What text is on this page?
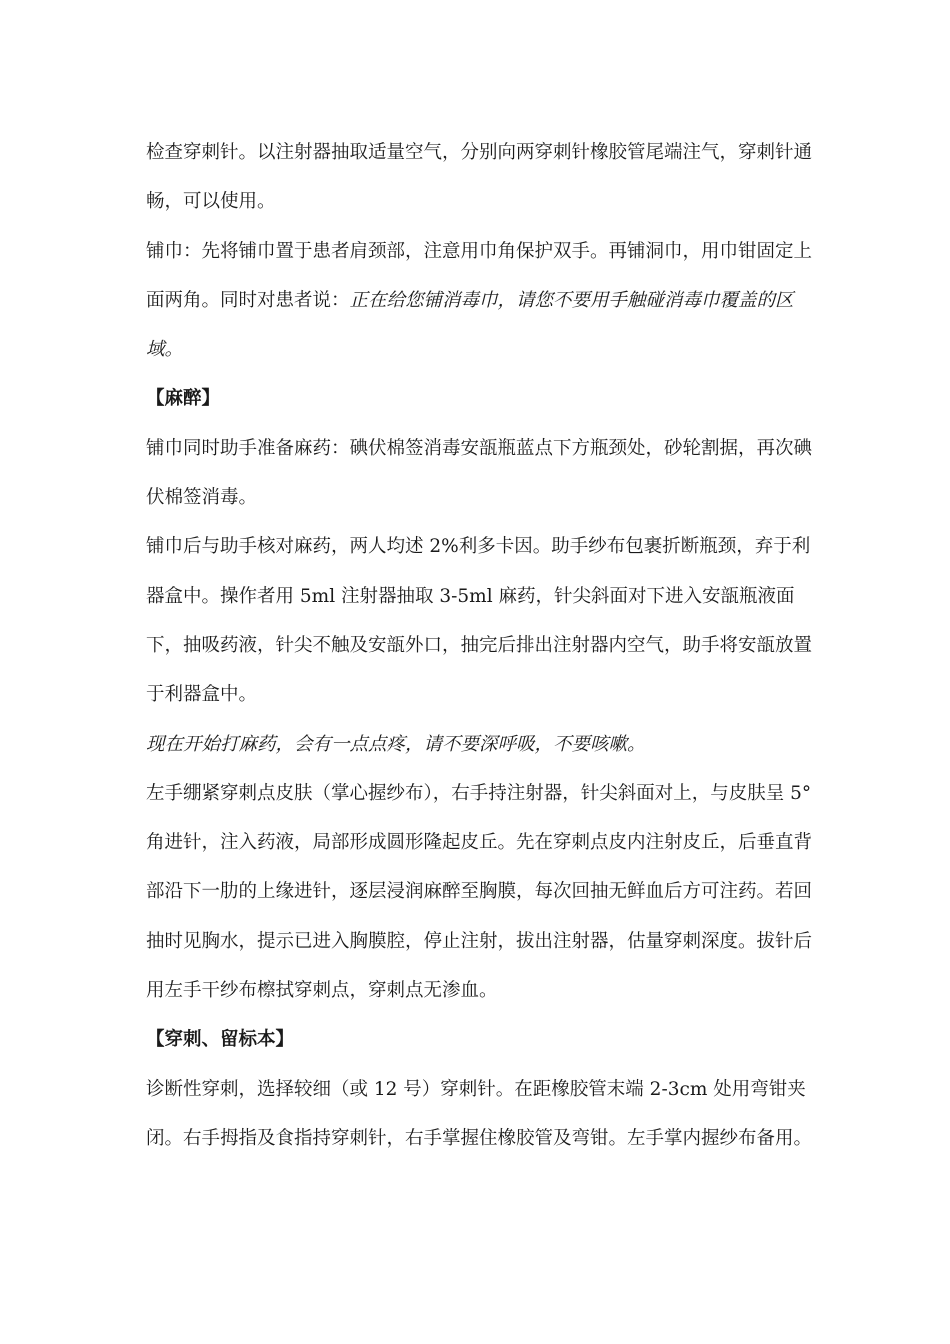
检查穿刺针。以注射器抽取适量空气，分别向两穿刺针橡胶管尾端注气，穿刺针通畅，可以使用。

铺巾：先将铺巾置于患者肩颈部，注意用巾角保护双手。再铺洞巾，用巾钳固定上面两角。同时对患者说：正在给您铺消毒巾，请您不要用手触碰消毒巾覆盖的区域。

【麻醉】

铺巾同时助手准备麻药：碘伏棉签消毒安瓿瓶蓝点下方瓶颈处，砂轮割据，再次碘伏棉签消毒。

铺巾后与助手核对麻药，两人均述 2%利多卡因。助手纱布包裹折断瓶颈，弃于利器盒中。操作者用 5ml 注射器抽取 3-5ml 麻药，针尖斜面对下进入安瓿瓶液面下，抽吸药液，针尖不触及安瓿外口，抽完后排出注射器内空气，助手将安瓿放置于利器盒中。

现在开始打麻药，会有一点点疼，请不要深呼吸，不要咳嗽。

左手绷紧穿刺点皮肤（掌心握纱布），右手持注射器，针尖斜面对上，与皮肤呈 5°角进针，注入药液，局部形成圆形隆起皮丘。先在穿刺点皮内注射皮丘，后垂直背部沿下一肋的上缘进针，逐层浸润麻醉至胸膜，每次回抽无鲜血后方可注药。若回抽时见胸水，提示已进入胸膜腔，停止注射，拔出注射器，估量穿刺深度。拔针后用左手干纱布檫拭穿刺点，穿刺点无渗血。

【穿刺、留标本】

诊断性穿刺，选择较细（或 12 号）穿刺针。在距橡胶管末端 2-3cm 处用弯钳夹闭。右手拇指及食指持穿刺针，右手掌握住橡胶管及弯钳。左手掌内握纱布备用。
